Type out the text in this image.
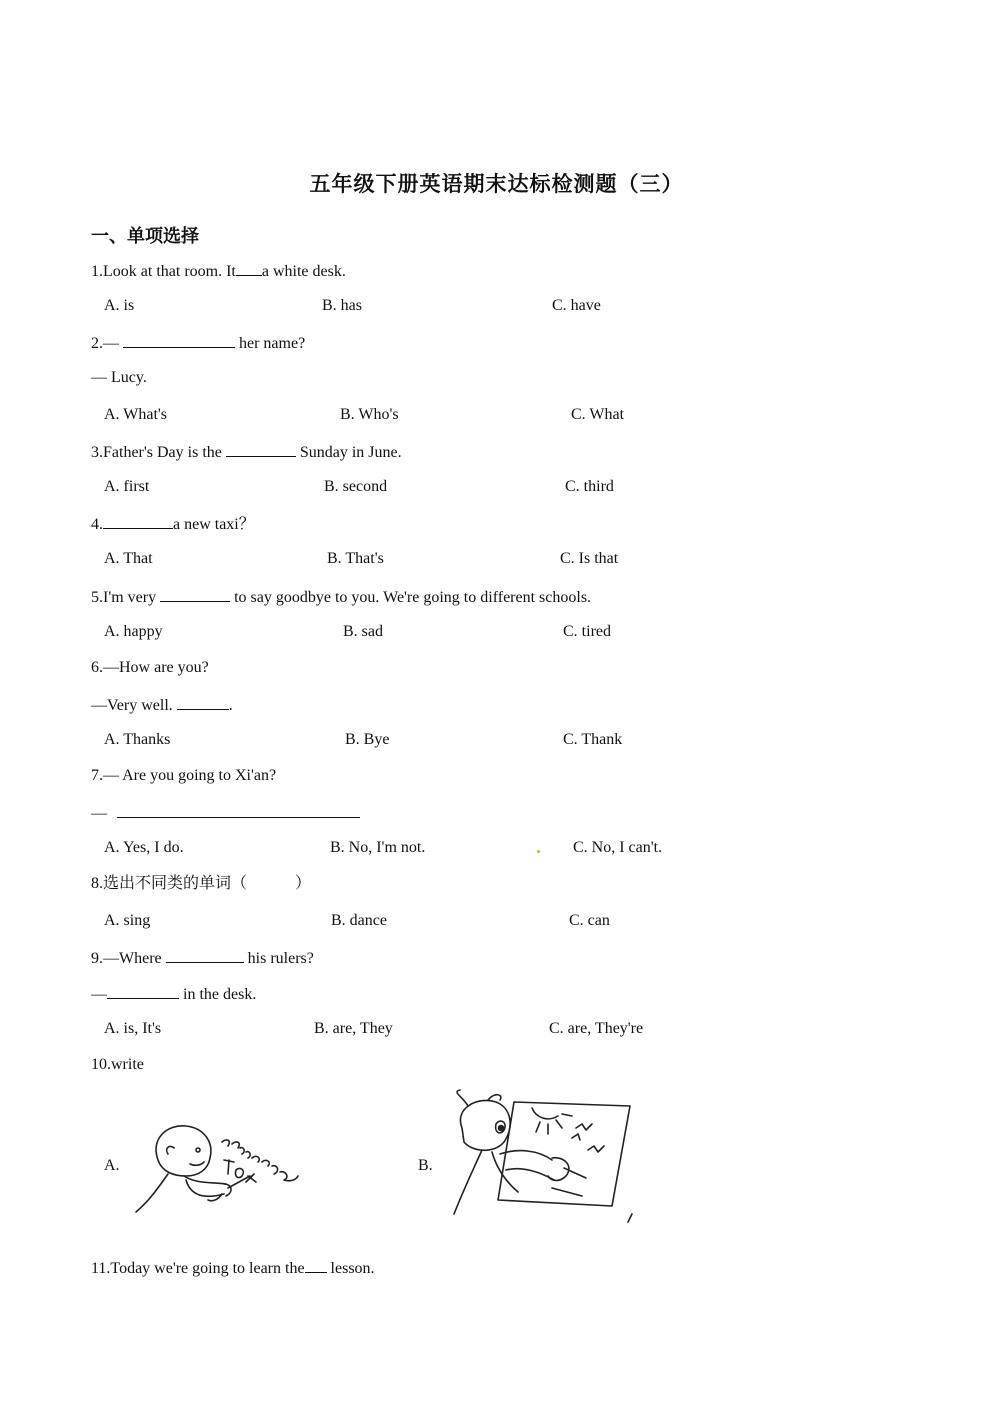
五年级下册英语期末达标检测题（三）
一、单项选择
1.Look at that room. It a white desk.
A. is	B. has	C. have
2.—	her name?
— Lucy.
A. What's	B. Who's	C. What
3.Father's Day is the	Sunday in June.
A. first	B. second	C. third
4.	a new taxi？
A. That	B. That's	C. Is that
5.I'm very	to say goodbye to you. We're going to different schools.
A. happy	B. sad	C. tired
6.—How are you?
—Very well.	.
A. Thanks	B. Bye	C. Thank
7.— Are you going to Xi'an?
—
A. Yes, I do.	B. No, I'm not.	C. No, I can't.
8.选出不同类的单词（　　　）
A. sing	B. dance	C. can
9.—Where	his rulers?
—	in the desk.
A. is, It's	B. are, They	C. are, They're
10.write
A.	B.
11.Today we're going to learn the lesson.
